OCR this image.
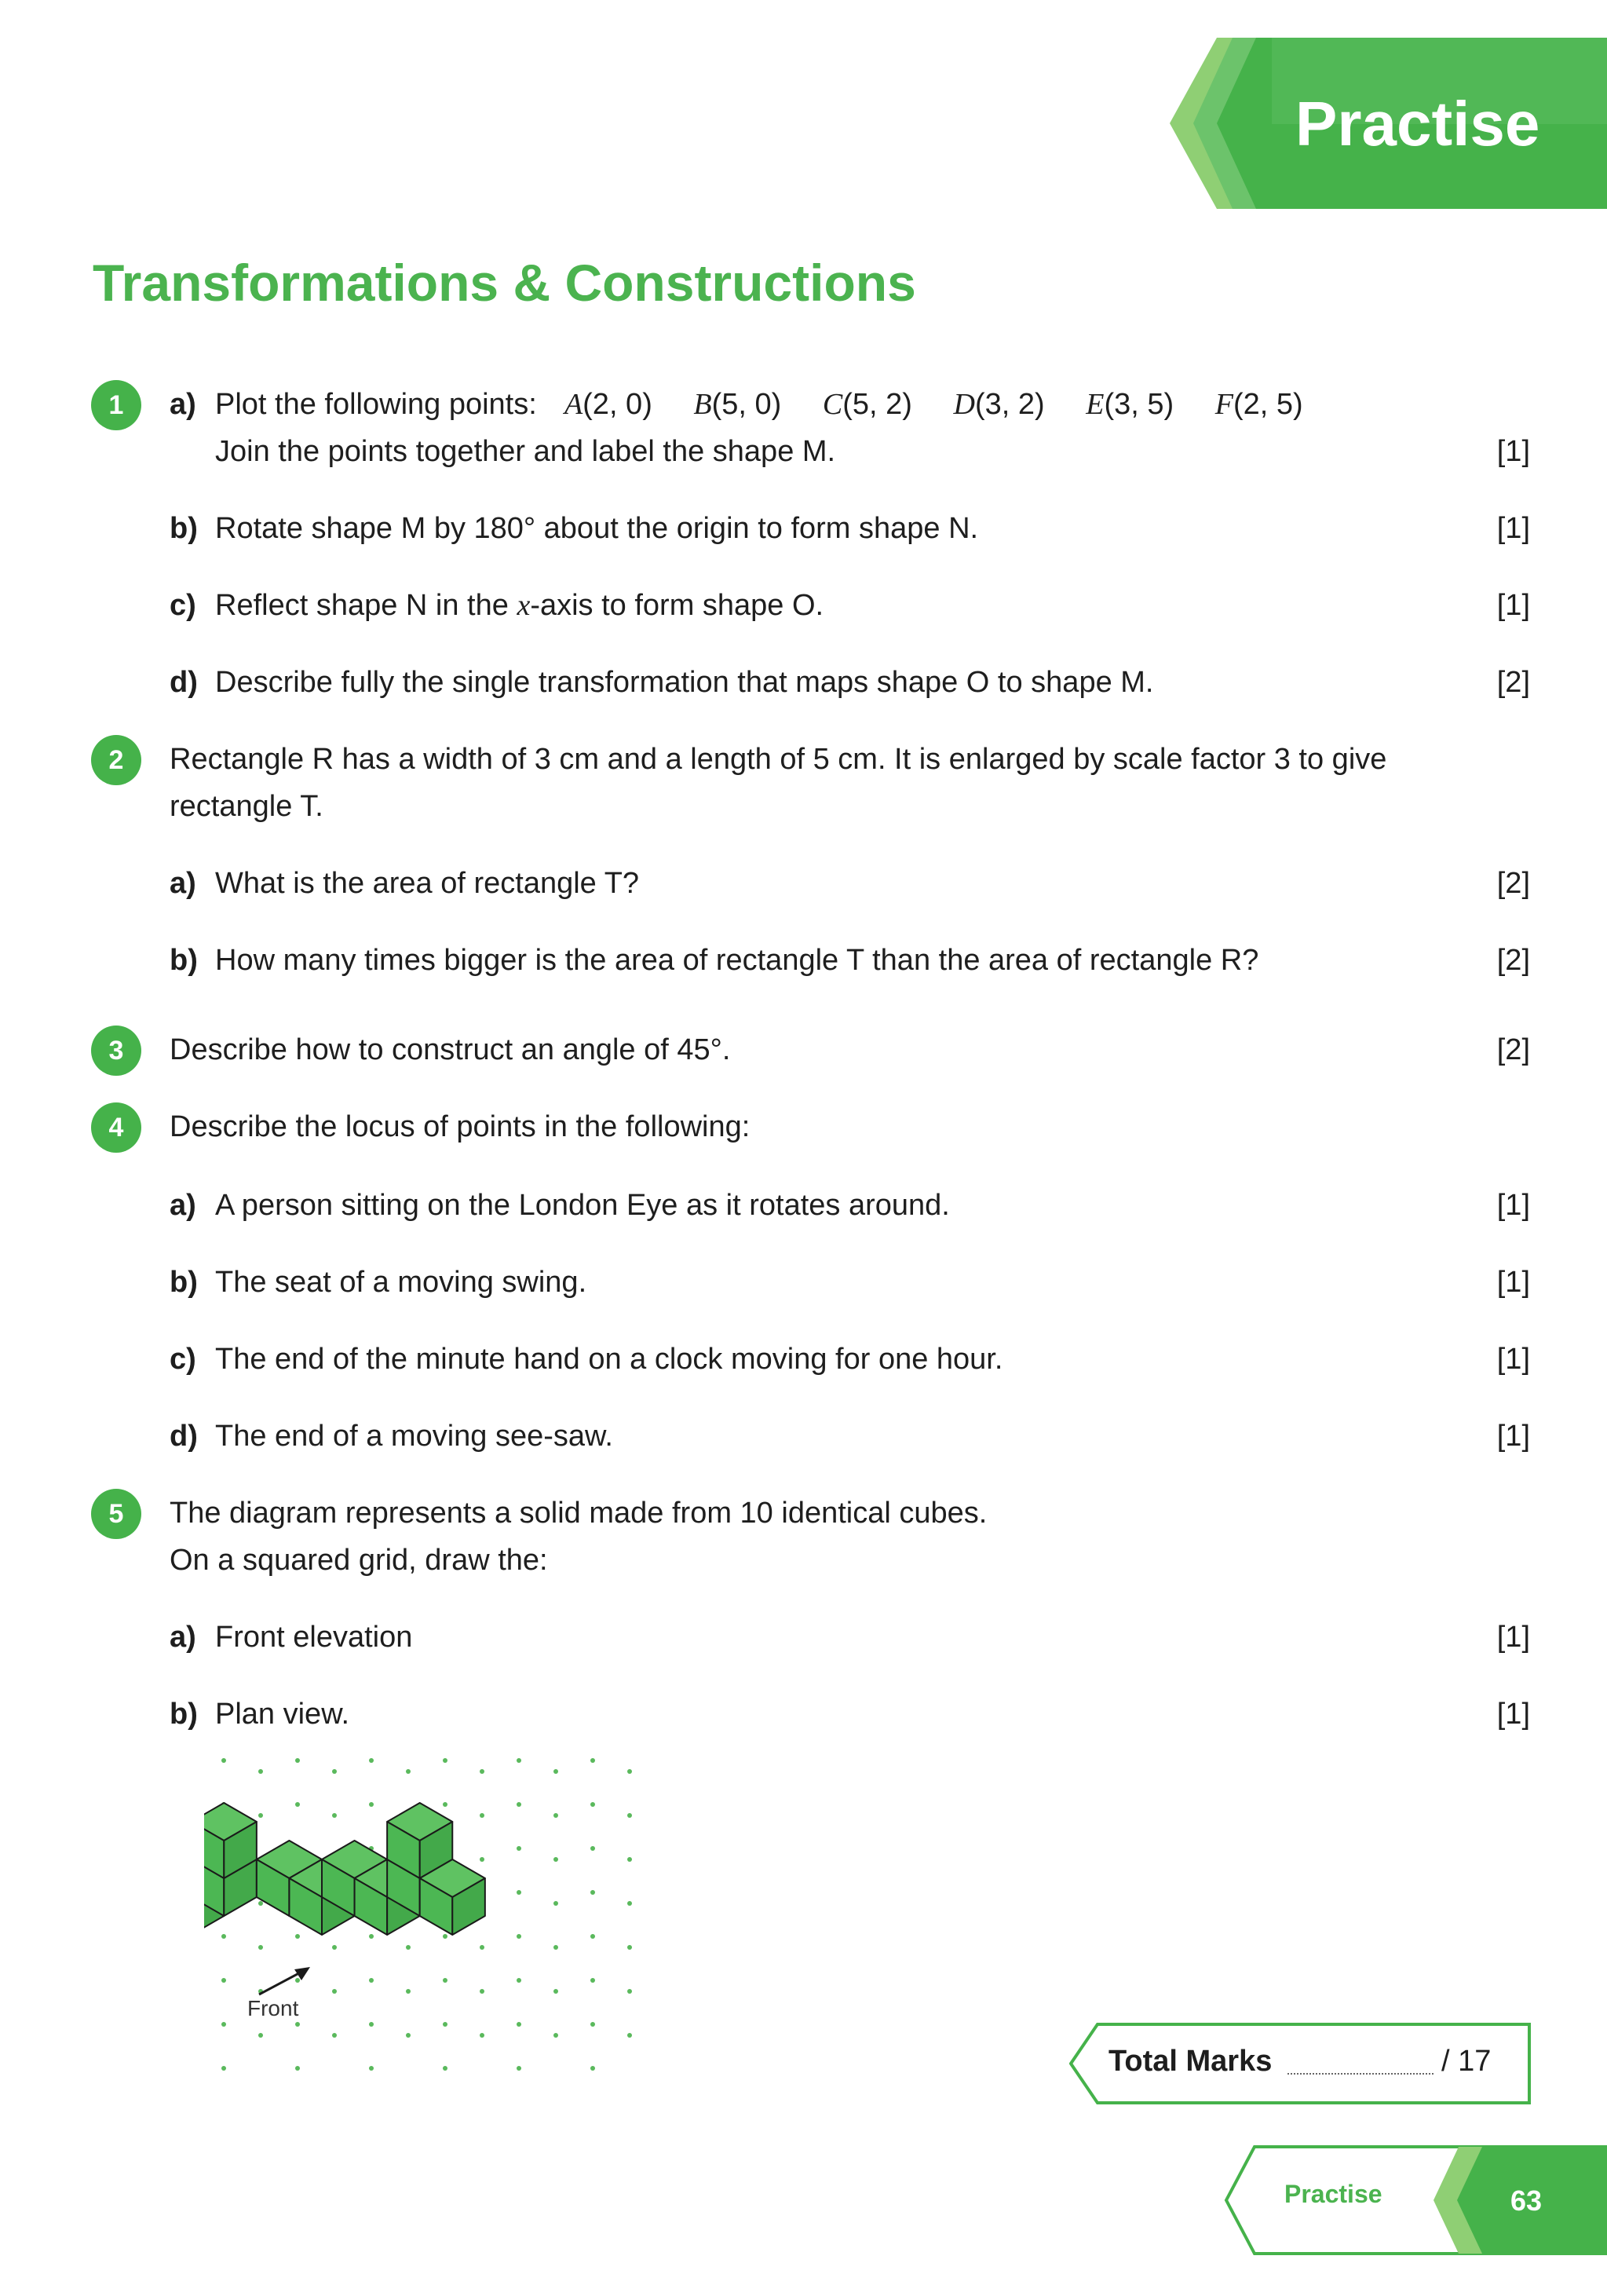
Practise
Transformations & Constructions
1	a) Plot the following points: A(2, 0) B(5, 0) C(5, 2) D(3, 2) E(3, 5) F(2, 5)
Join the points together and label the shape M.	[1]
b) Rotate shape M by 180° about the origin to form shape N.	[1]
c) Reflect shape N in the x-axis to form shape O.	[1]
d) Describe fully the single transformation that maps shape O to shape M.	[2]
2	Rectangle R has a width of 3 cm and a length of 5 cm. It is enlarged by scale factor 3 to give
rectangle T.
a) What is the area of rectangle T?	[2]
b) How many times bigger is the area of rectangle T than the area of rectangle R?	[2]
3	Describe how to construct an angle of 45°.	[2]
4	Describe the locus of points in the following:
a) A person sitting on the London Eye as it rotates around.	[1]
b) The seat of a moving swing.	[1]
c) The end of the minute hand on a clock moving for one hour.	[1]
d) The end of a moving see-saw.	[1]
5	The diagram represents a solid made from 10 identical cubes.
On a squared grid, draw the:
a) Front elevation	[1]
b) Plan view.	[1]
Front
Total Marks	/ 17
Practise	63
